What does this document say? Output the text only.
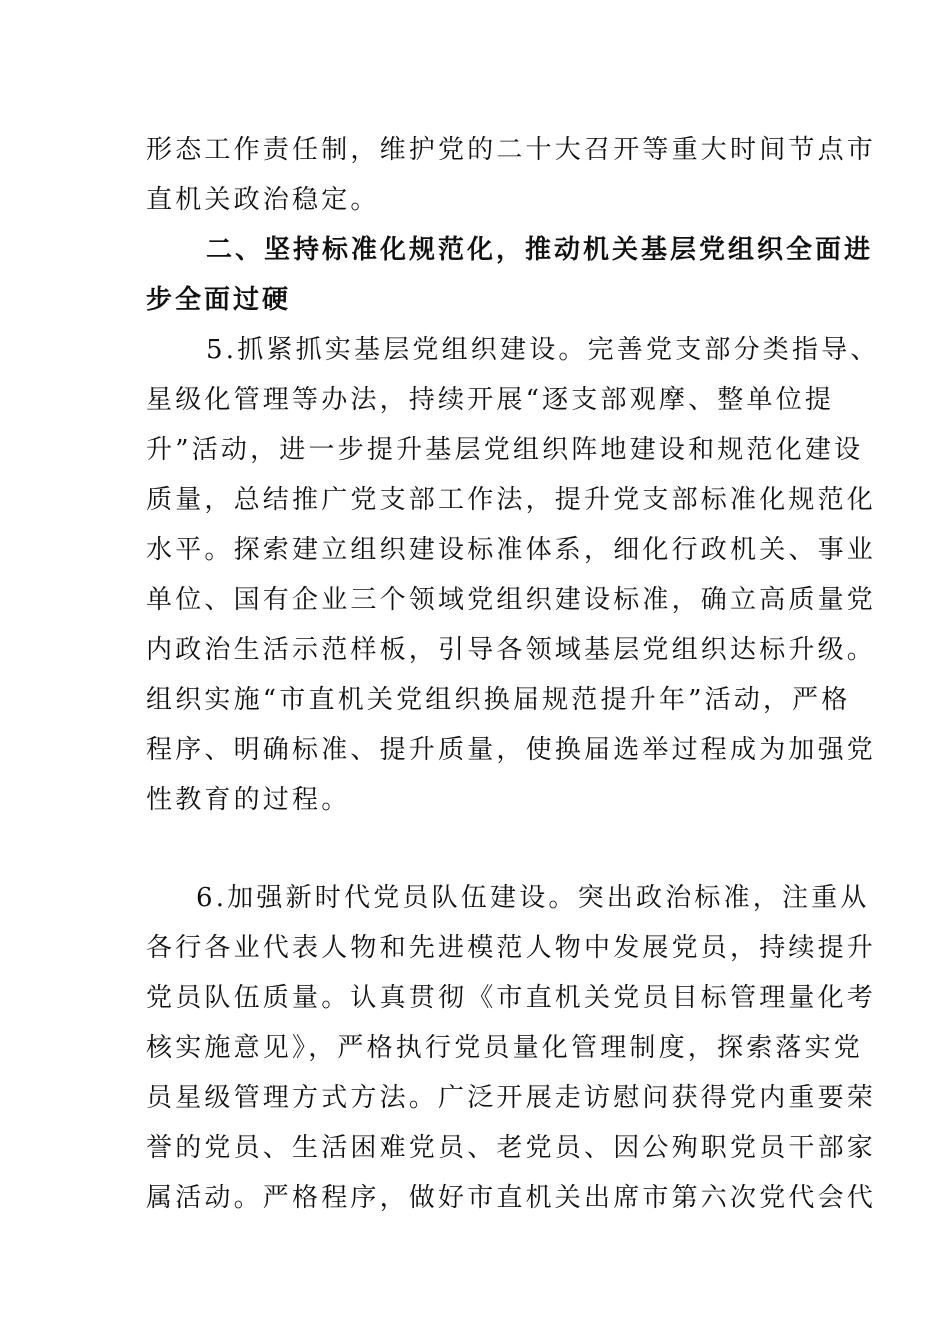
形态工作责任制，维护党的二十大召开等重大时间节点市
直机关政治稳定。
二、坚持标准化规范化，推动机关基层党组织全面进
步全面过硬
5.抓紧抓实基层党组织建设。完善党支部分类指导、
星级化管理等办法，持续开展“逐支部观摩、整单位提
升”活动，进一步提升基层党组织阵地建设和规范化建设
质量，总结推广党支部工作法，提升党支部标准化规范化
水平。探索建立组织建设标准体系，细化行政机关、事业
单位、国有企业三个领域党组织建设标准，确立高质量党
内政治生活示范样板，引导各领域基层党组织达标升级。
组织实施“市直机关党组织换届规范提升年”活动，严格
程序、明确标准、提升质量，使换届选举过程成为加强党
性教育的过程。
6.加强新时代党员队伍建设。突出政治标准，注重从
各行各业代表人物和先进模范人物中发展党员，持续提升
党员队伍质量。认真贯彻《市直机关党员目标管理量化考
核实施意见》，严格执行党员量化管理制度，探索落实党
员星级管理方式方法。广泛开展走访慰问获得党内重要荣
誉的党员、生活困难党员、老党员、因公殉职党员干部家
属活动。严格程序，做好市直机关出席市第六次党代会代
